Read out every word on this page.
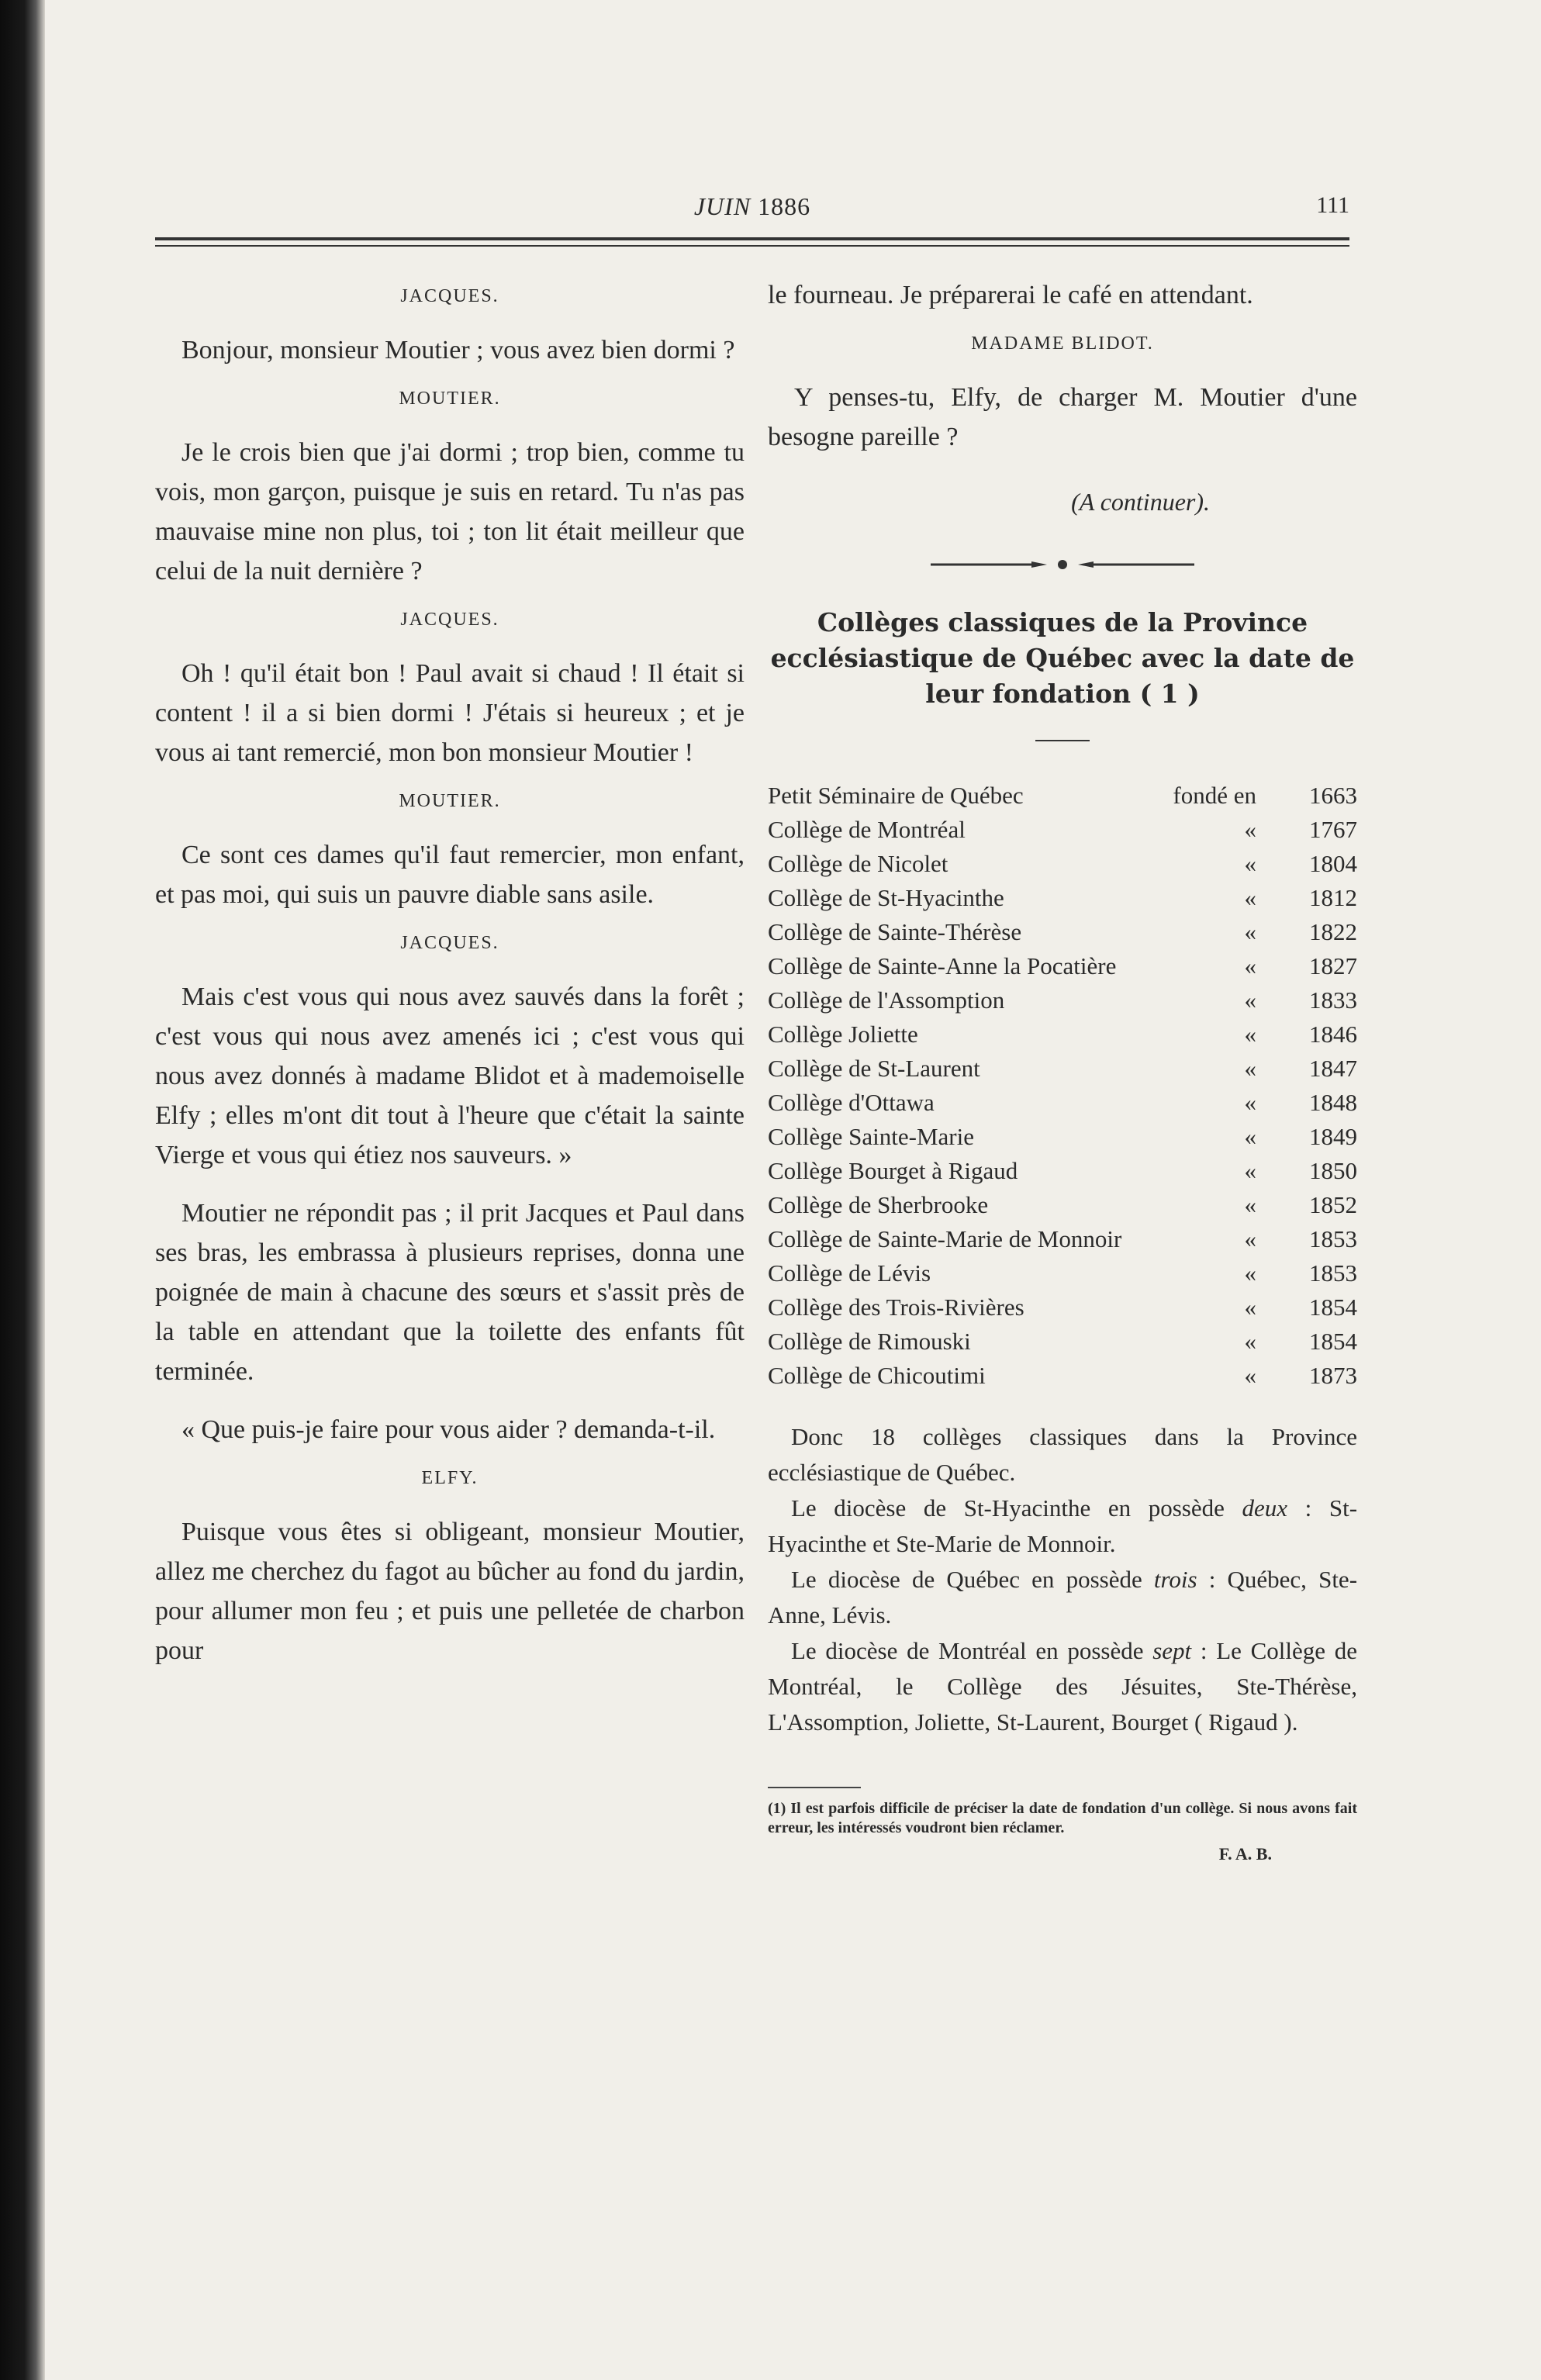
JUIN 1886	111
JACQUES.

Bonjour, monsieur Moutier ; vous avez bien dormi ?

MOUTIER.

Je le crois bien que j'ai dormi ; trop bien, comme tu vois, mon garçon, puisque je suis en retard. Tu n'as pas mauvaise mine non plus, toi ; ton lit était meilleur que celui de la nuit dernière ?

JACQUES.

Oh ! qu'il était bon ! Paul avait si chaud ! Il était si content ! il a si bien dormi ! J'étais si heureux ; et je vous ai tant remercié, mon bon monsieur Moutier !

MOUTIER.

Ce sont ces dames qu'il faut remercier, mon enfant, et pas moi, qui suis un pauvre diable sans asile.

JACQUES.

Mais c'est vous qui nous avez sauvés dans la forêt ; c'est vous qui nous avez amenés ici ; c'est vous qui nous avez donnés à madame Blidot et à mademoiselle Elfy ; elles m'ont dit tout à l'heure que c'était la sainte Vierge et vous qui étiez nos sauveurs. »

Moutier ne répondit pas ; il prit Jacques et Paul dans ses bras, les embrassa à plusieurs reprises, donna une poignée de main à chacune des sœurs et s'assit près de la table en attendant que la toilette des enfants fût terminée.

« Que puis-je faire pour vous aider ? demanda-t-il.

ELFY.

Puisque vous êtes si obligeant, monsieur Moutier, allez me cherchez du fagot au bûcher au fond du jardin, pour allumer mon feu ; et puis une pelletée de charbon pour

le fourneau. Je préparerai le café en attendant.

MADAME BLIDOT.

Y penses-tu, Elfy, de charger M. Moutier d'une besogne pareille ?

(A continuer).
Collèges classiques de la Province ecclésiastique de Québec avec la date de leur fondation ( 1 )
Petit Séminaire de Québec	fondé en	1663
Collège de Montréal	«	1767
Collège de Nicolet	«	1804
Collège de St-Hyacinthe	«	1812
Collège de Sainte-Thérèse	«	1822
Collège de Sainte-Anne la Pocatière	«	1827
Collège de l'Assomption	«	1833
Collège Joliette	«	1846
Collège de St-Laurent	«	1847
Collège d'Ottawa	«	1848
Collège Sainte-Marie	«	1849
Collège Bourget à Rigaud	«	1850
Collège de Sherbrooke	«	1852
Collège de Sainte-Marie de Monnoir	«	1853
Collège de Lévis	«	1853
Collège des Trois-Rivières	«	1854
Collège de Rimouski	«	1854
Collège de Chicoutimi	«	1873

Donc 18 collèges classiques dans la Province ecclésiastique de Québec.

Le diocèse de St-Hyacinthe en possède deux : St-Hyacinthe et Ste-Marie de Monnoir.

Le diocèse de Québec en possède trois : Québec, Ste-Anne, Lévis.

Le diocèse de Montréal en possède sept : Le Collège de Montréal, le Collège des Jésuites, Ste-Thérèse, L'Assomption, Joliette, St-Laurent, Bourget ( Rigaud ).

(1) Il est parfois difficile de préciser la date de fondation d'un collège. Si nous avons fait erreur, les intéressés voudront bien réclamer.

F. A. B.
